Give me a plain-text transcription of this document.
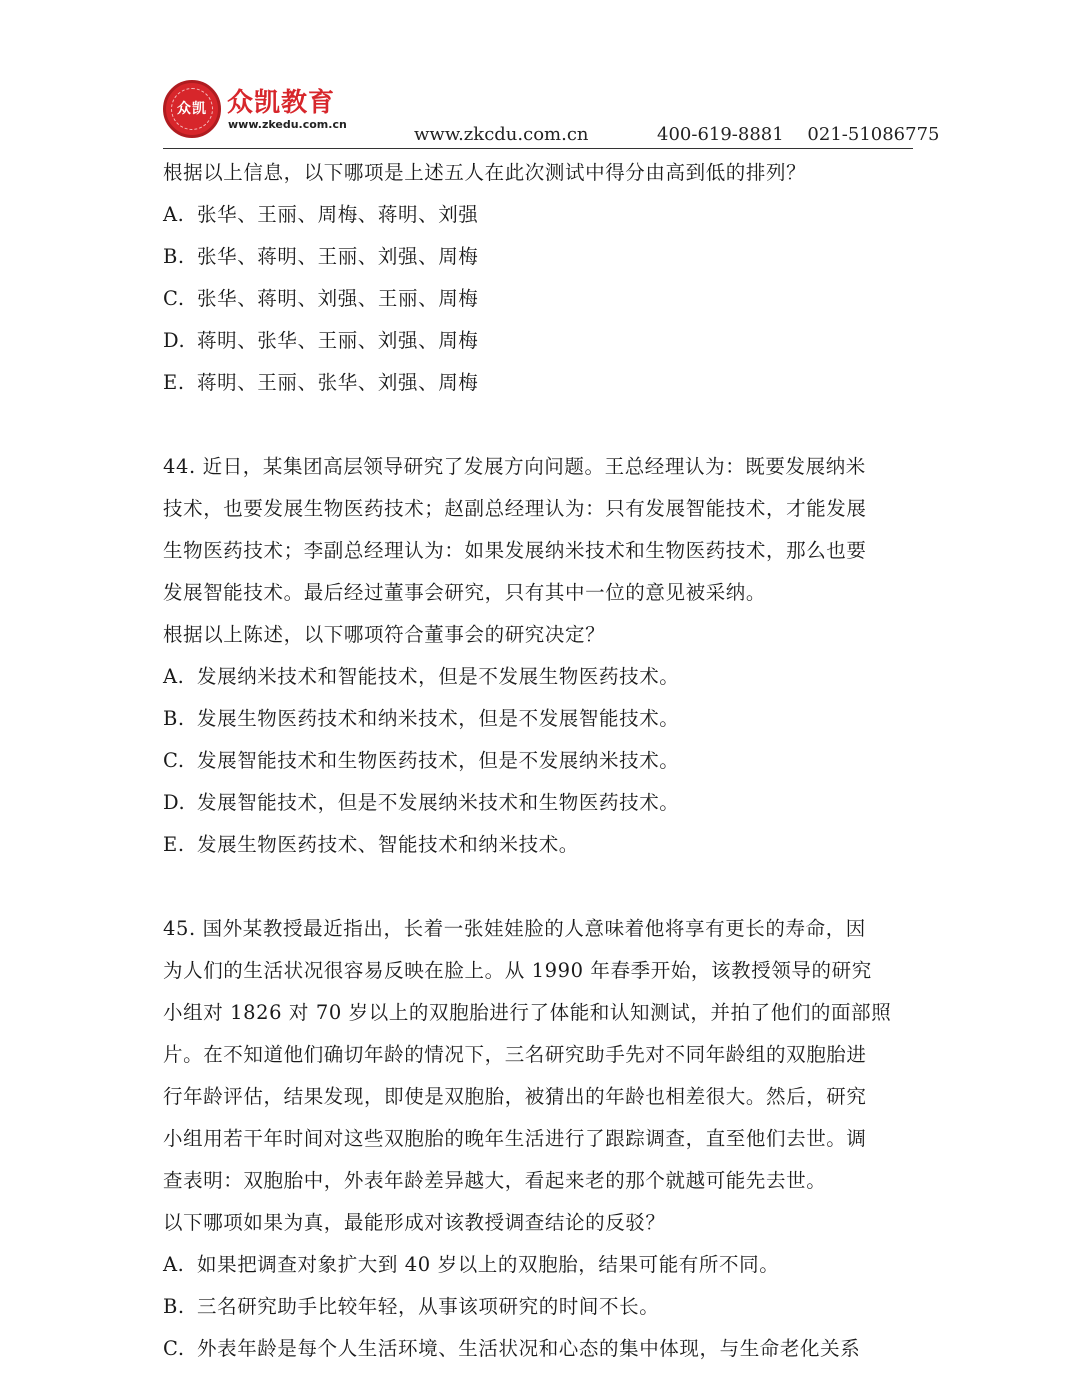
众凯 众凯教育
www.zkedu.com.cn	www.zkcdu.com.cn	400-619-8881 021-51086775
根据以上信息，以下哪项是上述五人在此次测试中得分由高到低的排列？
A. 张华、王丽、周梅、蒋明、刘强
B. 张华、蒋明、王丽、刘强、周梅
C. 张华、蒋明、刘强、王丽、周梅
D. 蒋明、张华、王丽、刘强、周梅
E. 蒋明、王丽、张华、刘强、周梅
44. 近日，某集团高层领导研究了发展方向问题。王总经理认为：既要发展纳米
技术，也要发展生物医药技术；赵副总经理认为：只有发展智能技术，才能发展
生物医药技术；李副总经理认为：如果发展纳米技术和生物医药技术，那么也要
发展智能技术。最后经过董事会研究，只有其中一位的意见被采纳。
根据以上陈述，以下哪项符合董事会的研究决定？
A. 发展纳米技术和智能技术，但是不发展生物医药技术。
B. 发展生物医药技术和纳米技术，但是不发展智能技术。
C. 发展智能技术和生物医药技术，但是不发展纳米技术。
D. 发展智能技术，但是不发展纳米技术和生物医药技术。
E. 发展生物医药技术、智能技术和纳米技术。
45. 国外某教授最近指出，长着一张娃娃脸的人意味着他将享有更长的寿命，因
为人们的生活状况很容易反映在脸上。从 1990 年春季开始，该教授领导的研究
小组对 1826 对 70 岁以上的双胞胎进行了体能和认知测试，并拍了他们的面部照
片。在不知道他们确切年龄的情况下，三名研究助手先对不同年龄组的双胞胎进
行年龄评估，结果发现，即使是双胞胎，被猜出的年龄也相差很大。然后，研究
小组用若干年时间对这些双胞胎的晚年生活进行了跟踪调查，直至他们去世。调
查表明：双胞胎中，外表年龄差异越大，看起来老的那个就越可能先去世。
以下哪项如果为真，最能形成对该教授调查结论的反驳？
A. 如果把调查对象扩大到 40 岁以上的双胞胎，结果可能有所不同。
B. 三名研究助手比较年轻，从事该项研究的时间不长。
C. 外表年龄是每个人生活环境、生活状况和心态的集中体现，与生命老化关系
